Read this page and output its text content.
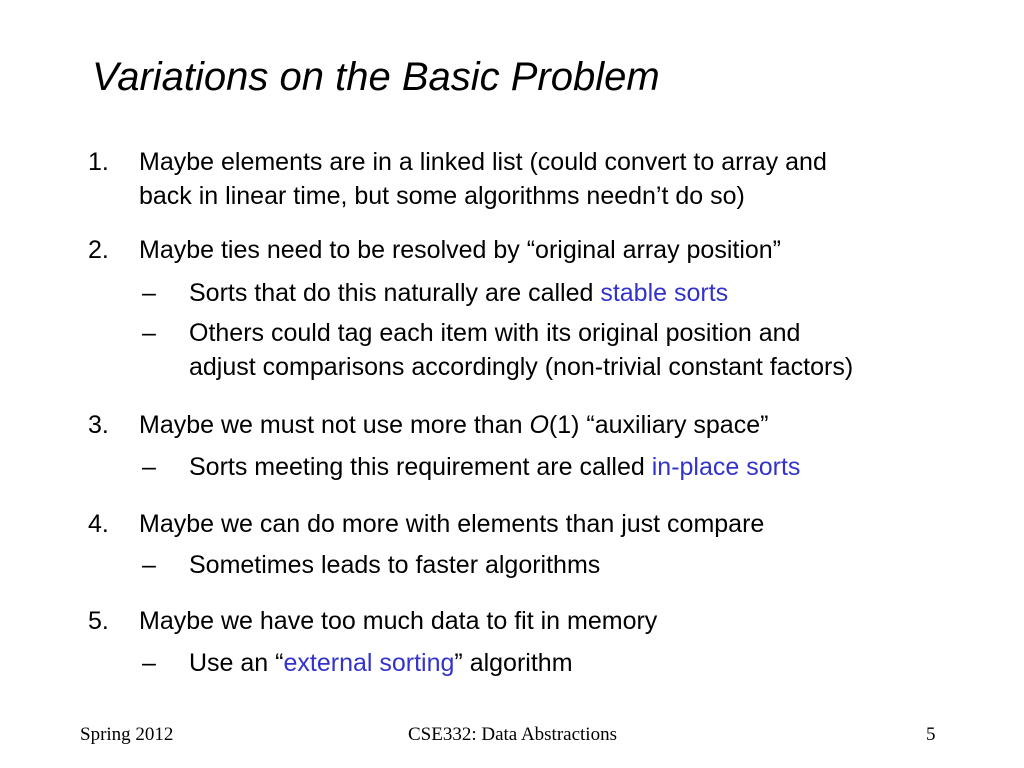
Variations on the Basic Problem
1. Maybe elements are in a linked list (could convert to array and
back in linear time, but some algorithms needn’t do so)
2. Maybe ties need to be resolved by “original array position”
– Sorts that do this naturally are called stable sorts
– Others could tag each item with its original position and
adjust comparisons accordingly (non-trivial constant factors)
3. Maybe we must not use more than O(1) “auxiliary space”
– Sorts meeting this requirement are called in-place sorts
4. Maybe we can do more with elements than just compare
– Sometimes leads to faster algorithms
5. Maybe we have too much data to fit in memory
– Use an “external sorting” algorithm
Spring 2012	CSE332: Data Abstractions	5
